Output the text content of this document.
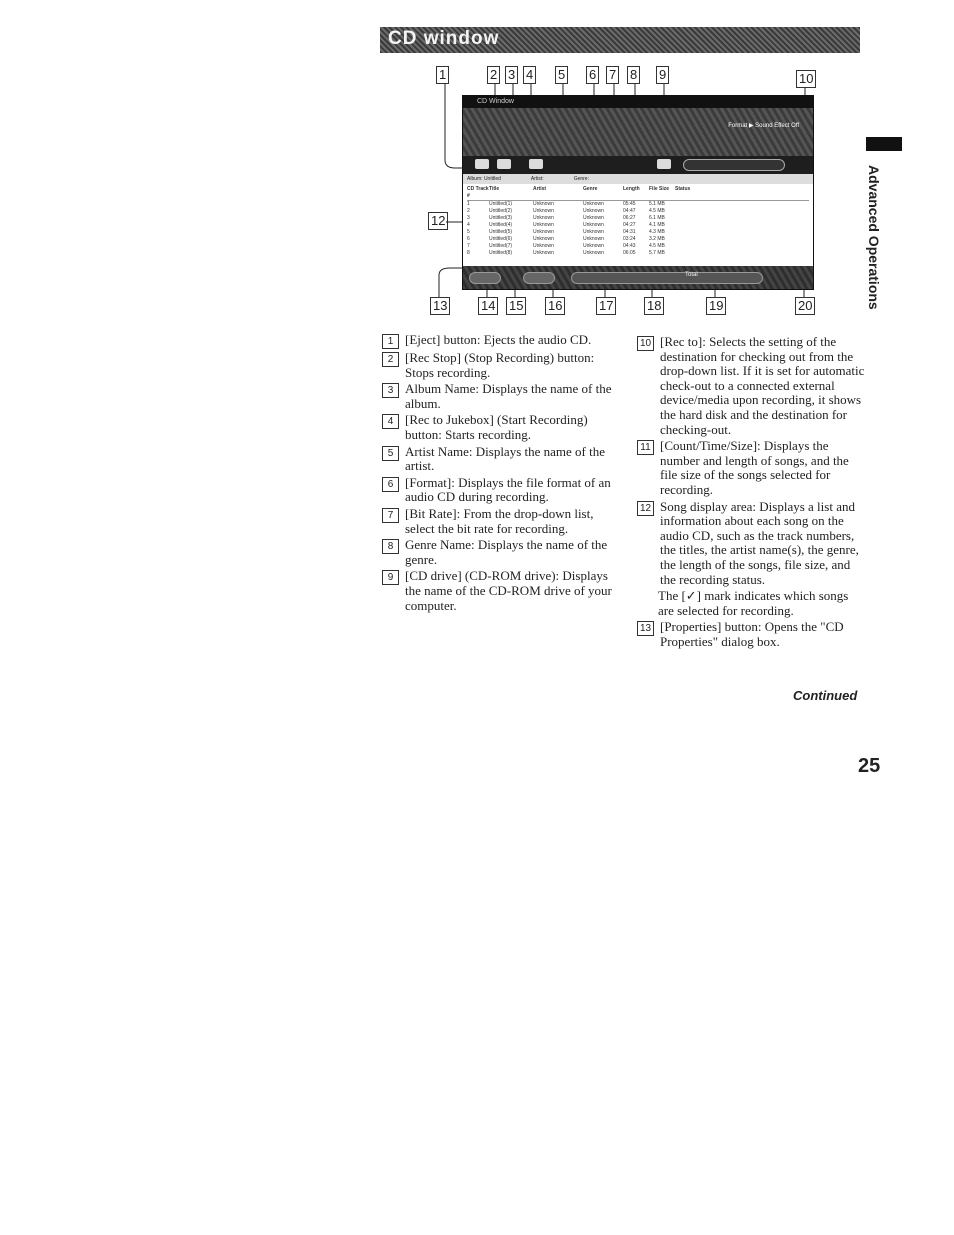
CD window
1	2 3 4 5 6 7 8 9	10
12
13	14 15 16	17	18	19	20
CD Window
Format ▶ Sound Effect Off
Album: Untitled	Artist:	Genre:
CD Track #
Title	Artist	Genre	Length	File Size	Status
1	Untitled(1)	Unknown	Unknown	05:45	5.1 MB
2	Untitled(2)	Unknown	Unknown	04:47	4.5 MB
3	Untitled(3)	Unknown	Unknown	06:27	6.1 MB
4	Untitled(4)	Unknown	Unknown	04:27	4.1 MB
5	Untitled(5)	Unknown	Unknown	04:31	4.3 MB
6	Untitled(6)	Unknown	Unknown	03:24	3.2 MB
7	Untitled(7)	Unknown	Unknown	04:43	4.5 MB
8	Untitled(8)	Unknown	Unknown	06:05	5.7 MB
Total
1 [Eject] button: Ejects the audio CD.
2 [Rec Stop] (Stop Recording) button: Stops recording.
3 Album Name: Displays the name of the album.
4 [Rec to Jukebox] (Start Recording) button: Starts recording.
5 Artist Name: Displays the name of the artist.
6 [Format]: Displays the file format of an audio CD during recording.
7 [Bit Rate]: From the drop-down list, select the bit rate for recording.
8 Genre Name: Displays the name of the genre.
9 [CD drive] (CD-ROM drive): Displays the name of the CD-ROM drive of your computer.
10 [Rec to]: Selects the setting of the destination for checking out from the drop-down list. If it is set for automatic check-out to a connected external device/media upon recording, it shows the hard disk and the destination for checking-out.
11 [Count/Time/Size]: Displays the number and length of songs, and the file size of the songs selected for recording.
12 Song display area: Displays a list and information about each song on the audio CD, such as the track numbers, the titles, the artist name(s), the genre, the length of the songs, file size, and the recording status.
The [✓] mark indicates which songs are selected for recording.
13 [Properties] button: Opens the "CD Properties" dialog box.
Advanced Operations
Continued
25
